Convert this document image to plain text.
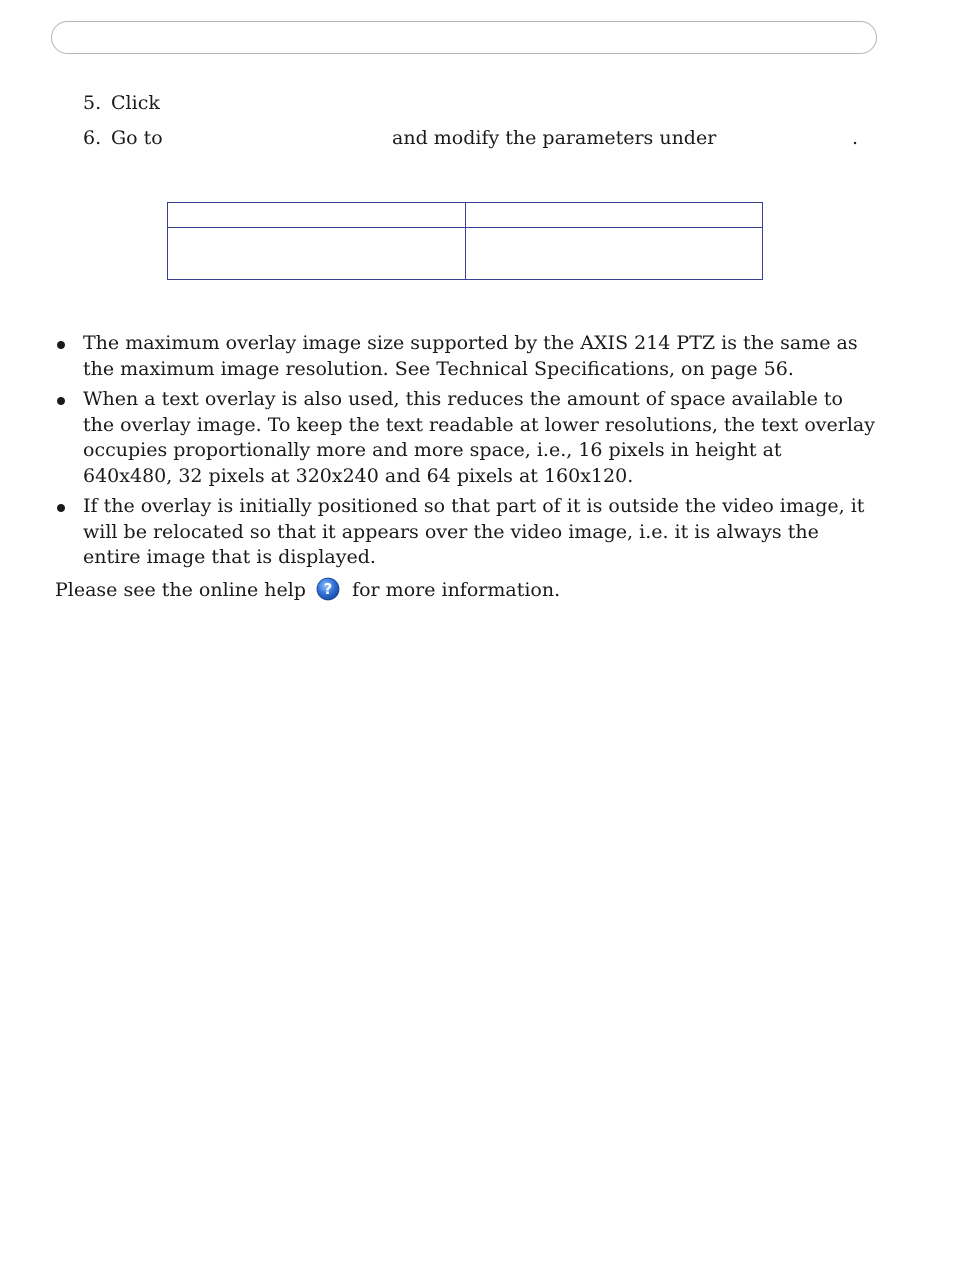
5. Click
6. Go to	and modify the parameters under	.

The maximum overlay image size supported by the AXIS 214 PTZ is the same as the maximum image resolution. See Technical Specifications, on page 56.
When a text overlay is also used, this reduces the amount of space available to the overlay image. To keep the text readable at lower resolutions, the text overlay occupies proportionally more and more space, i.e., 16 pixels in height at 640x480, 32 pixels at 320x240 and 64 pixels at 160x120.
If the overlay is initially positioned so that part of it is outside the video image, it will be relocated so that it appears over the video image, i.e. it is always the entire image that is displayed.
Please see the online help ? for more information.
